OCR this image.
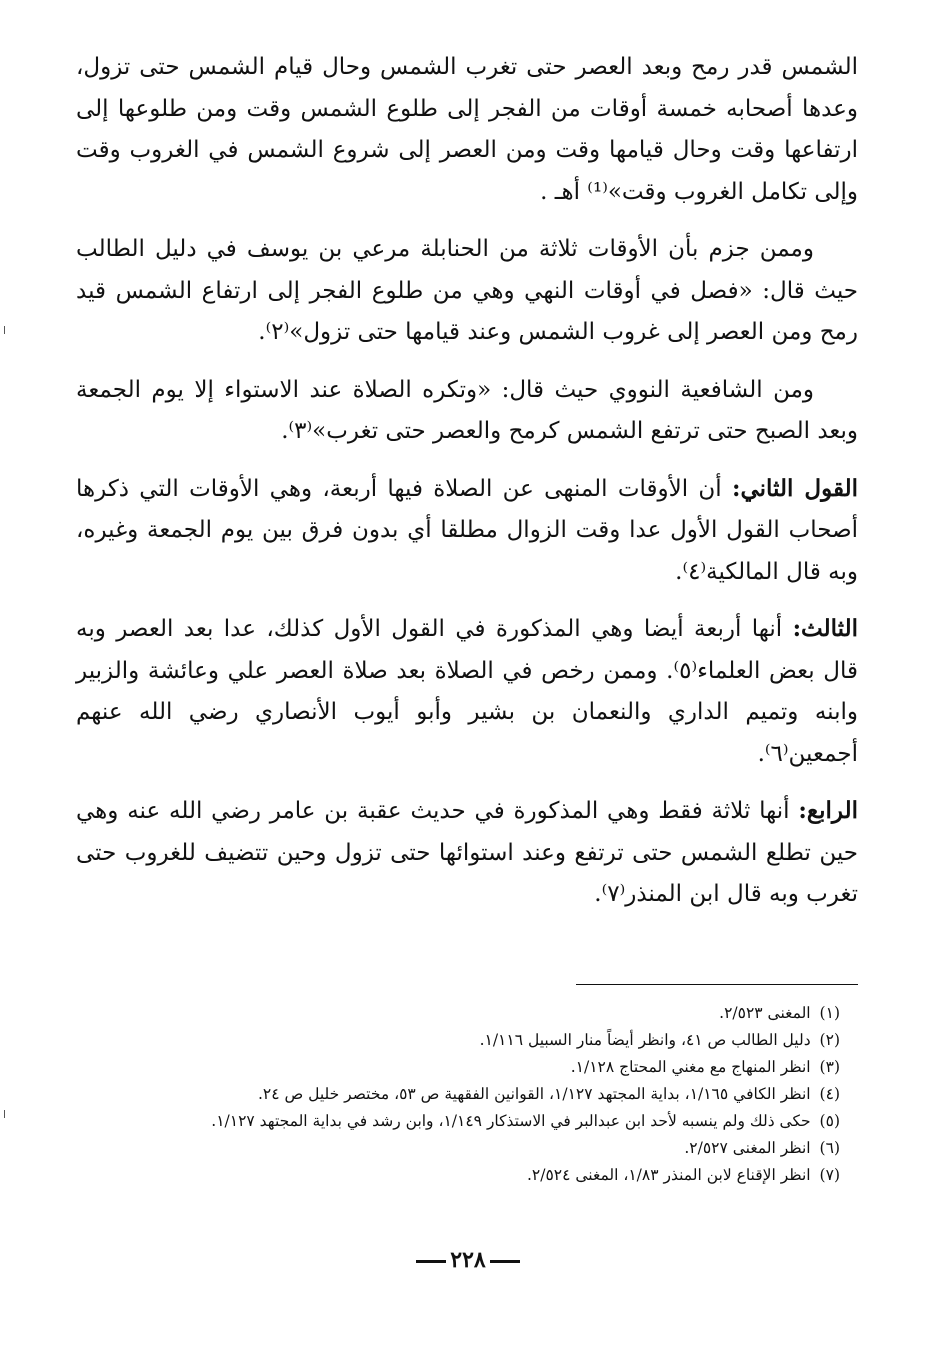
الشمس قدر رمح وبعد العصر حتى تغرب الشمس وحال قيام الشمس حتى تزول، وعدها أصحابه خمسة أوقات من الفجر إلى طلوع الشمس وقت ومن طلوعها إلى ارتفاعها وقت وحال قيامها وقت ومن العصر إلى شروع الشمس في الغروب وقت وإلى تكامل الغروب وقت»⁽¹⁾ أهـ .

وممن جزم بأن الأوقات ثلاثة من الحنابلة مرعي بن يوسف في دليل الطالب حيث قال: «فصل في أوقات النهي وهي من طلوع الفجر إلى ارتفاع الشمس قيد رمح ومن العصر إلى غروب الشمس وعند قيامها حتى تزول»⁽٢⁾.

ومن الشافعية النووي حيث قال: «وتكره الصلاة عند الاستواء إلا يوم الجمعة وبعد الصبح حتى ترتفع الشمس كرمح والعصر حتى تغرب»⁽٣⁾.

القول الثاني: أن الأوقات المنهى عن الصلاة فيها أربعة، وهي الأوقات التي ذكرها أصحاب القول الأول عدا وقت الزوال مطلقا أي بدون فرق بين يوم الجمعة وغيره، وبه قال المالكية⁽٤⁾.

الثالث: أنها أربعة أيضا وهي المذكورة في القول الأول كذلك، عدا بعد العصر وبه قال بعض العلماء⁽٥⁾. وممن رخص في الصلاة بعد صلاة العصر علي وعائشة والزبير وابنه وتميم الداري والنعمان بن بشير وأبو أيوب الأنصاري رضي الله عنهم أجمعين⁽٦⁾.

الرابع: أنها ثلاثة فقط وهي المذكورة في حديث عقبة بن عامر رضي الله عنه وهي حين تطلع الشمس حتى ترتفع وعند استوائها حتى تزول وحين تتضيف للغروب حتى تغرب وبه قال ابن المنذر⁽٧⁾.

(١) المغنى ٢/٥٢٣.
(٢) دليل الطالب ص ٤١، وانظر أيضاً منار السبيل ١/١١٦.
(٣) انظر المنهاج مع مغني المحتاج ١/١٢٨.
(٤) انظر الكافي ١/١٦٥، بداية المجتهد ١/١٢٧، القوانين الفقهية ص ٥٣، مختصر خليل ص ٢٤.
(٥) حكى ذلك ولم ينسبه لأحد ابن عبدالبر في الاستذكار ١/١٤٩، وابن رشد في بداية المجتهد ١/١٢٧.
(٦) انظر المغنى ٢/٥٢٧.
(٧) انظر الإقناع لابن المنذر ١/٨٣، المغنى ٢/٥٢٤.
٢٢٨
